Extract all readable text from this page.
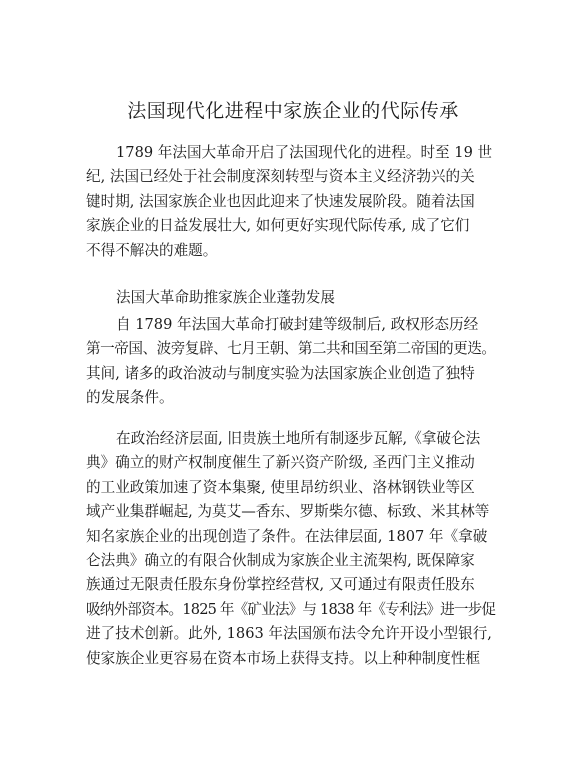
法国现代化进程中家族企业的代际传承
1789 年法国大革命开启了法国现代化的进程。时至 19 世
纪, 法国已经处于社会制度深刻转型与资本主义经济勃兴的关
键时期, 法国家族企业也因此迎来了快速发展阶段。随着法国
家族企业的日益发展壮大, 如何更好实现代际传承, 成了它们
不得不解决的难题。
法国大革命助推家族企业蓬勃发展
自 1789 年法国大革命打破封建等级制后, 政权形态历经
第一帝国、波旁复辟、七月王朝、第二共和国至第二帝国的更迭。
其间, 诸多的政治波动与制度实验为法国家族企业创造了独特
的发展条件。
在政治经济层面, 旧贵族土地所有制逐步瓦解,《拿破仑法
典》确立的财产权制度催生了新兴资产阶级, 圣西门主义推动
的工业政策加速了资本集聚, 使里昂纺织业、洛林钢铁业等区
域产业集群崛起, 为莫艾—香东、罗斯柴尔德、标致、米其林等
知名家族企业的出现创造了条件。在法律层面, 1807 年《拿破
仑法典》确立的有限合伙制成为家族企业主流架构, 既保障家
族通过无限责任股东身份掌控经营权, 又可通过有限责任股东
吸纳外部资本。1825 年《矿业法》与 1838 年《专利法》进一步促
进了技术创新。此外, 1863 年法国颁布法令允许开设小型银行,
使家族企业更容易在资本市场上获得支持。以上种种制度性框
